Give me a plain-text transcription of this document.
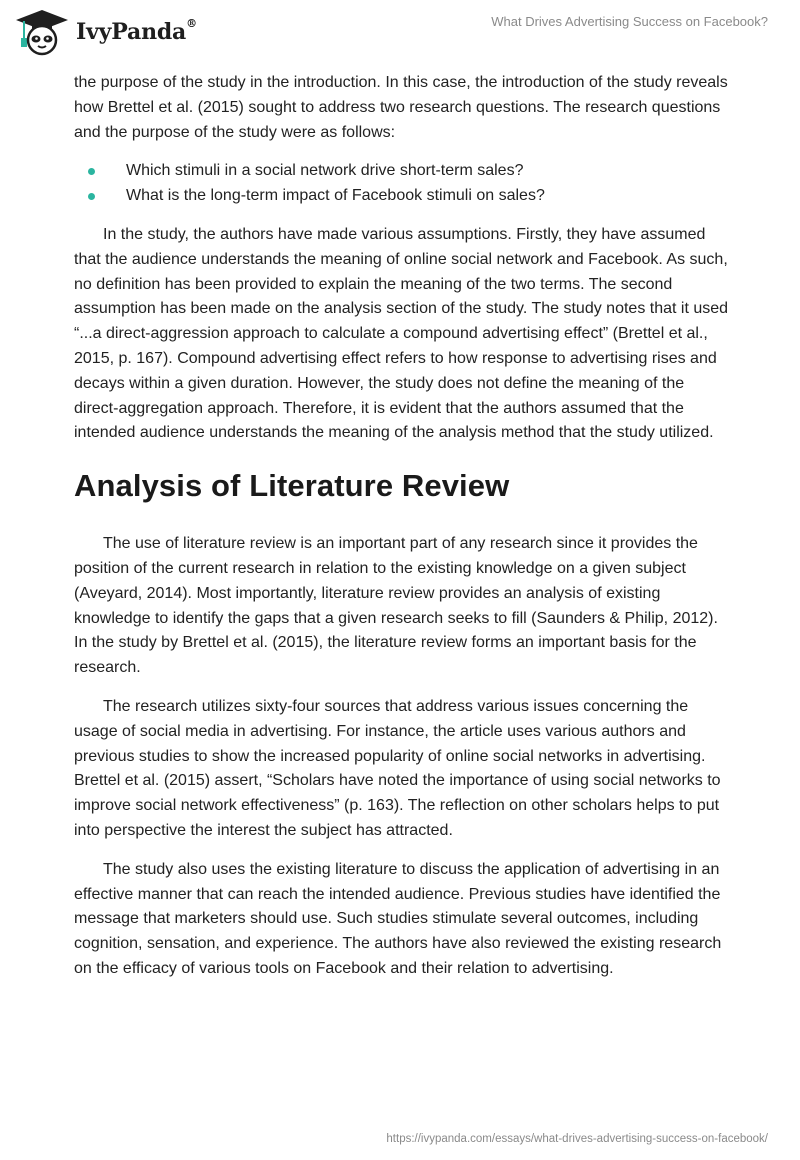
IvyPanda®	What Drives Advertising Success on Facebook?

the purpose of the study in the introduction. In this case, the introduction of the study reveals how Brettel et al. (2015) sought to address two research questions. The research questions and the purpose of the study were as follows:

Which stimuli in a social network drive short-term sales?
What is the long-term impact of Facebook stimuli on sales?

In the study, the authors have made various assumptions. Firstly, they have assumed that the audience understands the meaning of online social network and Facebook. As such, no definition has been provided to explain the meaning of the two terms. The second assumption has been made on the analysis section of the study. The study notes that it used “...a direct-aggression approach to calculate a compound advertising effect” (Brettel et al., 2015, p. 167). Compound advertising effect refers to how response to advertising rises and decays within a given duration. However, the study does not define the meaning of the direct-aggregation approach. Therefore, it is evident that the authors assumed that the intended audience understands the meaning of the analysis method that the study utilized.

Analysis of Literature Review

The use of literature review is an important part of any research since it provides the position of the current research in relation to the existing knowledge on a given subject (Aveyard, 2014). Most importantly, literature review provides an analysis of existing knowledge to identify the gaps that a given research seeks to fill (Saunders & Philip, 2012). In the study by Brettel et al. (2015), the literature review forms an important basis for the research.

The research utilizes sixty-four sources that address various issues concerning the usage of social media in advertising. For instance, the article uses various authors and previous studies to show the increased popularity of online social networks in advertising. Brettel et al. (2015) assert, “Scholars have noted the importance of using social networks to improve social network effectiveness” (p. 163). The reflection on other scholars helps to put into perspective the interest the subject has attracted.

The study also uses the existing literature to discuss the application of advertising in an effective manner that can reach the intended audience. Previous studies have identified the message that marketers should use. Such studies stimulate several outcomes, including cognition, sensation, and experience. The authors have also reviewed the existing research on the efficacy of various tools on Facebook and their relation to advertising.

https://ivypanda.com/essays/what-drives-advertising-success-on-facebook/
